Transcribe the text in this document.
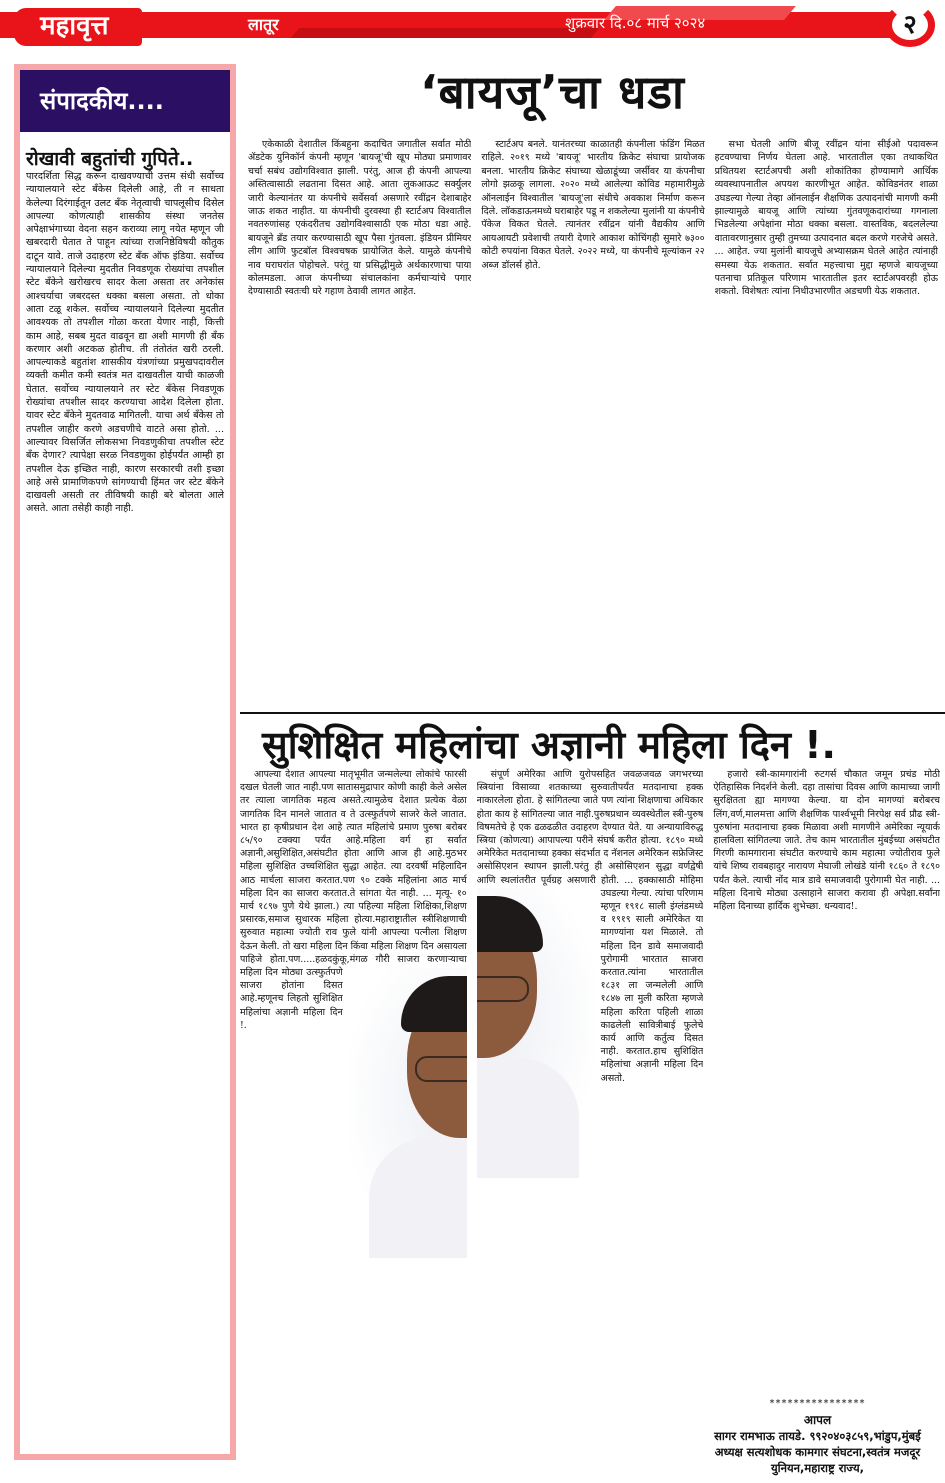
महावृत्त	लातूर	शुक्रवार दि.०८ मार्च २०२४	२
संपादकीय....
रोखावी बहुतांची गुपिते..

पारदर्शिता सिद्ध करून दाखवण्याची उत्तम संधी सर्वोच्च न्यायालयाने स्टेट बॅंकेस दिलेली आहे, ती न साधता केलेल्या दिरंगाईतून उलट बँक नेतृत्वाची चापलूसीच दिसेल आपल्या कोणत्याही शासकीय संस्था जनतेस अपेक्षाभंगाच्या वेदना सहन कराव्या लागू नयेत म्हणून जी खबरदारी घेतात ते पाहून त्यांच्या राजनिष्ठेविषयी कौतुक दाटून यावे. ताजे उदाहरण स्टेट बँक ऑफ इंडिया. सर्वोच्च न्यायालयाने दिलेल्या मुदतीत निवडणूक रोख्यांचा तपशील स्टेट बँकेने खरोखरच सादर केला असता तर अनेकांस आश्चर्याचा जबरदस्त धक्का बसला असता. तो धोका आता टळू शकेल. सर्वोच्च न्यायालयाने दिलेल्या मुदतीत आवश्यक तो तपशील गोळा करता येणार नाही, कित्ती काम आहे, सबब मुदत वाढवून द्या अशी मागणी ही बँक करणार अशी अटकळ होतीच. ती तंतोतंत खरी ठरली. आपल्याकडे बहुतांश शासकीय यंत्रणांच्या प्रमुखपदावरील व्यक्ती कमीत कमी स्वतंत्र मत दाखवतील याची काळजी घेतात. सर्वोच्च न्यायालयाने तर स्टेट बँकेस निवडणूक रोख्यांचा तपशील सादर करण्याचा आदेश दिलेला होता. यावर स्टेट बँकेने मुदतवाढ मागितली. याचा अर्थ बँकेस तो तपशील जाहीर करणे अडचणीचे वाटते असा होतो. ... आल्यावर विसर्जित लोकसभा निवडणुकीचा तपशील स्टेट बँक देणार? त्यापेक्षा सरळ निवडणुका होईपर्यंत आम्ही हा तपशील देऊ इच्छित नाही, कारण सरकारची तशी इच्छा आहे असे प्रामाणिकपणे सांगण्याची हिंमत जर स्टेट बँकेने दाखवली असती तर तीविषयी काही बरे बोलता आले असते. आता तसेही काही नाही.

‘बायजू’चा धडा

एकेकाळी देशातील किंबहुना कदाचित जगातील सर्वात मोठी ॲडटेक युनिकॉर्न कंपनी म्हणून 'बायजू'ची खूप मोठ्या प्रमाणावर चर्चा सबंध उद्योगविश्वात झाली. परंतु, आज ही कंपनी आपल्या अस्तित्वासाठी लढताना दिसत आहे. आता लुकआऊट सर्क्युलर जारी केल्यानंतर या कंपनीचे सर्वेसर्वा असणारे रवींद्रन देशाबाहेर जाऊ शकत नाहीत. या कंपनीची दुरवस्था ही स्टार्टअप विश्वातील नवतरुणांसह एकंदरीतच उद्योगविश्वासाठी एक मोठा धडा आहे. बायजूने ब्रँड तयार करण्यासाठी खूप पैसा गुंतवला. इंडियन प्रीमियर लीग आणि फुटबॉल विश्वचषक प्रायोजित केले. यामुळे कंपनीचे नाव घराघरांत पोहोचले. परंतु या प्रसिद्धीमुळे अर्थकारणाचा पाया कोलमडला. आज कंपनीच्या संचालकांना कर्मचाऱ्यांचे पगार देण्यासाठी स्वतःची घरे गहाण ठेवावी लागत आहेत.

स्टार्टअप बनले. यानंतरच्या काळातही कंपनीला फंडिंग मिळत राहिले. २०१९ मध्ये 'बायजू' भारतीय क्रिकेट संघाचा प्रायोजक बनला. भारतीय क्रिकेट संघाच्या खेळाडूंच्या जर्सीवर या कंपनीचा लोगो झळकू लागला. २०२० मध्ये आलेल्या कोविड महामारीमुळे ऑनलाईन विश्वातील 'बायजू'ला संधीचे अवकाश निर्माण करून दिले. लॉकडाऊनमध्ये घराबाहेर पडू न शकलेल्या मुलांनी या कंपनीचे पॅकेज विकत घेतले. त्यानंतर रवींद्रन यांनी वैद्यकीय आणि आयआयटी प्रवेशाची तयारी देणारे आकाश कोचिंगही सुमारे ७३०० कोटी रुपयांना विकत घेतले. २०२२ मध्ये, या कंपनीचे मूल्यांकन २२ अब्ज डॉलर्स होते.

सभा घेतली आणि बीजू रवींद्रन यांना सीईओ पदावरून हटवण्याचा निर्णय घेतला आहे. भारतातील एका तथाकथित प्रथितयश स्टार्टअपची अशी शोकांतिका होण्यामागे आर्थिक व्यवस्थापनातील अपयश कारणीभूत आहेत. कोविडनंतर शाळा उघडल्या गेल्या तेव्हा ऑनलाईन शैक्षणिक उत्पादनांची मागणी कमी झाल्यामुळे बायजू आणि त्यांच्या गुंतवणूकदारांच्या गगनाला भिडलेल्या अपेक्षांना मोठा धक्का बसला. वास्तविक, बदललेल्या वातावरणानुसार तुम्ही तुमच्या उत्पादनात बदल करणे गरजेचे असते. ... आहेत. ज्या मुलांनी बायजूचे अभ्यासक्रम घेतले आहेत त्यांनाही समस्या येऊ शकतात. सर्वात महत्त्वाचा मुद्दा म्हणजे बायजूच्या पतनाचा प्रतिकूल परिणाम भारतातील इतर स्टार्टअपवरही होऊ शकतो. विशेषतः त्यांना निधीउभारणीत अडचणी येऊ शकतात.

सुशिक्षित महिलांचा अज्ञानी महिला दिन !.

आपल्या देशात आपल्या मातृभूमीत जन्मलेल्या लोकांचे फारसी दखल घेतली जात नाही.पण सातासमुद्रापार कोणी काही केले असेल तर त्याला जागतिक महत्व असते.त्यामुळेच देशात प्रत्येक वेळा जागतिक दिन मानले जातात व ते उत्स्फुर्तपणे साजरे केले जातात. भारत हा कृषीप्रधान देश आहे त्यात महिलांचे प्रमाण पुरुषा बरोबर ८५/९० टक्क्या पर्यंत आहे.महिला वर्ग हा सर्वात अज्ञानी,असुशिक्षित,असंघटीत होता आणि आज ही आहे.मुठभर महिला सुशिक्षित उच्चशिक्षित सुद्धा आहेत. त्या दरवर्षी महिलादिन आठ मार्चला साजरा करतात.पण ९० टक्के महिलांना आठ मार्च महिला दिन का साजरा करतात.ते सांगता येत नाही. ... मृत्यू- १० मार्च १८९७ पुणे येथे झाला.) त्या पहिल्या महिला शिक्षिका,शिक्षण प्रसारक,समाज सुधारक महिला होत्या.महाराष्ट्रातील स्त्रीशिक्षणाची सुरुवात महात्मा ज्योती राव फुले यांनी आपल्या पत्नीला शिक्षण देऊन केली. तो खरा महिला दिन किंवा महिला शिक्षण दिन असायला पाहिजे होता.पण.....हळदकुंकू,मंगळ गौरी साजरा करणाऱ्याचा महिला दिन मोठ्या उत्स्फुर्तपणे साजरा होतांना दिसत आहे.म्हणूनच लिहतो सुशिक्षित महिलांचा अज्ञानी महिला दिन !.

संपूर्ण अमेरिका आणि युरोपसहित जवळजवळ जगभरच्या स्त्रियांना विसाव्या शतकाच्या सुरुवातीपर्यंत मतदानाचा हक्क नाकारलेला होता. हे सांगितल्या जाते पण त्यांना शिक्षणाचा अधिकार होता काय हे सांगितल्या जात नाही.पुरुषप्रधान व्यवस्थेतील स्त्री-पुरुष विषमतेचे हे एक ढळढळीत उदाहरण देण्यात येते. या अन्यायाविरुद्ध स्त्रिया (कोणत्या) आपापल्या परीने संघर्ष करीत होत्या. १८९० मध्ये अमेरिकेत मतदानाच्या हक्का संदर्भात द नॅशनल अमेरिकन सफ्रेजिस्ट असोसिएशन स्थापन झाली.परंतु ही असोसिएशन सुद्धा वर्णद्वेषी आणि स्थलांतरीत पूर्वग्रह असणारी होती. ... हक्कासाठी मोहिमा उघडल्या गेल्या. त्यांचा परिणाम म्हणून १९१८ साली इंग्लंडमध्ये व १९१९ साली अमेरिकेत या मागण्यांना यश मिळाले. तो महिला दिन डावे समाजवादी पुरोगामी भारतात साजरा करतात.त्यांना भारतातील १८३१ ला जन्मलेली आणि १८४७ ला मुली करिता म्हणजे महिला करिता पहिली शाळा काढलेली सावित्रीबाई फुलेचे कार्य आणि कर्तुत्व दिसत नाही. करतात.हाच सुशिक्षित महिलांचा अज्ञानी महिला दिन असतो.

हजारो स्त्री-कामगारांनी रुटगर्स चौकात जमून प्रचंड मोठी ऐतिहासिक निदर्शने केली. दहा तासांचा दिवस आणि कामाच्या जागी सुरक्षितता ह्या मागण्या केल्या. या दोन मागण्यां बरोबरच लिंग,वर्ण,मालमत्ता आणि शैक्षणिक पार्श्वभूमी निरपेक्ष सर्व प्रौढ स्त्री-पुरुषांना मतदानाचा हक्क मिळावा अशी मागणीने अमेरिका न्यूयार्क हालविला सांगितल्या जाते. तेच काम भारतातील मुंबईच्या असंघटीत गिरणी कामगाराना संघटीत करण्याचे काम महात्मा ज्योतीराव फुले यांचे शिष्य रावबहादुर नारायण मेघाजी लोखंडे यांनी १८६० ते १८९० पर्यंत केले. त्याची नोंद मात्र डावे समाजवादी पुरोगामी घेत नाही. ... महिला दिनाचे मोठ्या उत्साहाने साजरा करावा ही अपेक्षा.सर्वांना महिला दिनाच्या हार्दिक शुभेच्छा. धन्यवाद!.

****************
आपल
सागर रामभाऊ तायडे. ९९२०४०३८५९,भांडुप,मुंबई
अध्यक्ष सत्यशोधक कामगार संघटना,स्वतंत्र मजदूर
युनियन,महाराष्ट्र राज्य,
